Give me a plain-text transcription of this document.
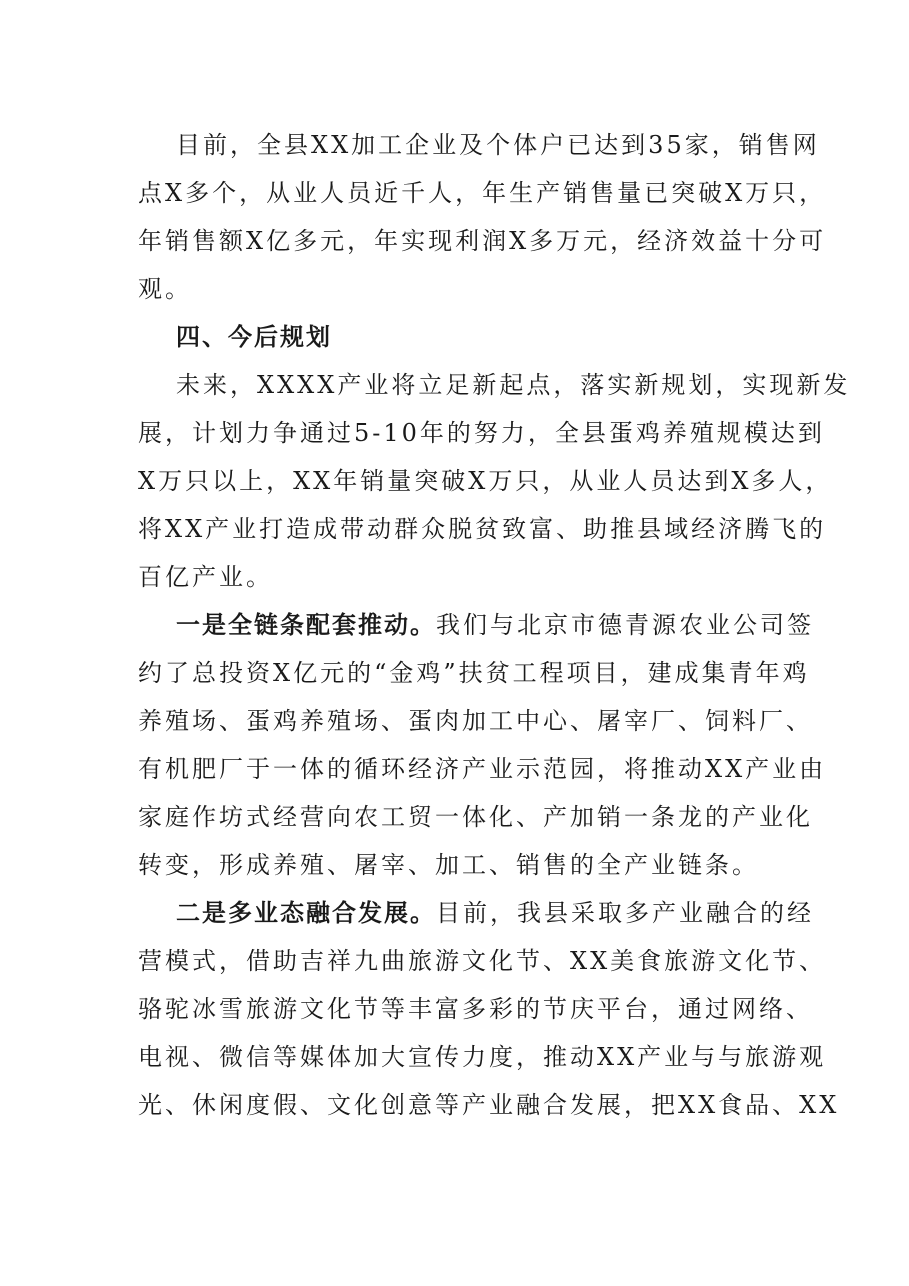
目前，全县XX加工企业及个体户已达到35家，销售网
点X多个，从业人员近千人，年生产销售量已突破X万只，
年销售额X亿多元，年实现利润X多万元，经济效益十分可
观。
四、今后规划
未来，XXXX产业将立足新起点，落实新规划，实现新发
展，计划力争通过5-10年的努力，全县蛋鸡养殖规模达到
X万只以上，XX年销量突破X万只，从业人员达到X多人，
将XX产业打造成带动群众脱贫致富、助推县域经济腾飞的
百亿产业。
一是全链条配套推动。我们与北京市德青源农业公司签
约了总投资X亿元的“金鸡”扶贫工程项目，建成集青年鸡
养殖场、蛋鸡养殖场、蛋肉加工中心、屠宰厂、饲料厂、
有机肥厂于一体的循环经济产业示范园，将推动XX产业由
家庭作坊式经营向农工贸一体化、产加销一条龙的产业化
转变，形成养殖、屠宰、加工、销售的全产业链条。
二是多业态融合发展。目前，我县采取多产业融合的经
营模式，借助吉祥九曲旅游文化节、XX美食旅游文化节、
骆驼冰雪旅游文化节等丰富多彩的节庆平台，通过网络、
电视、微信等媒体加大宣传力度，推动XX产业与与旅游观
光、休闲度假、文化创意等产业融合发展，把XX食品、XX
